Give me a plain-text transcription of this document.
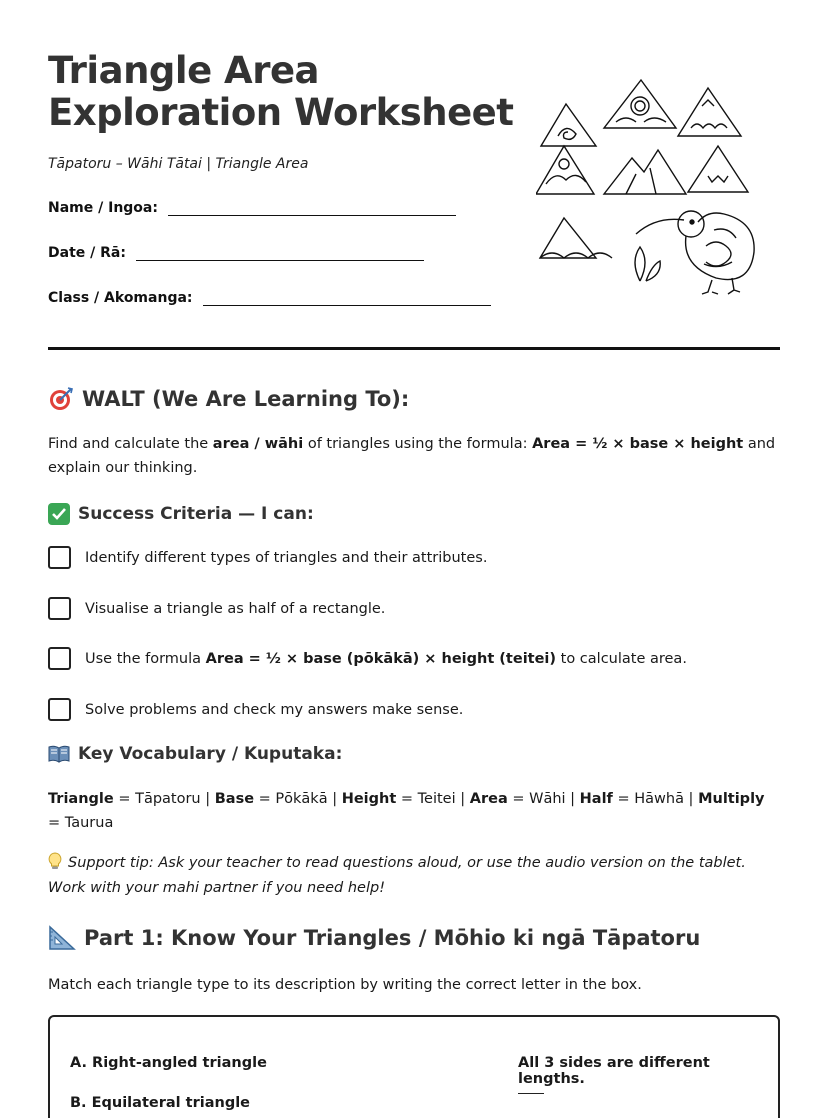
Triangle Area
Exploration Worksheet
Tāpatoru – Wāhi Tātai | Triangle Area
Name / Ingoa:
Date / Rā:
Class / Akomanga:
WALT (We Are Learning To):
Find and calculate the area / wāhi of triangles using the formula: Area = ½ × base × height and explain our thinking.
Success Criteria — I can:
Identify different types of triangles and their attributes.
Visualise a triangle as half of a rectangle.
Use the formula Area = ½ × base (pōkākā) × height (teitei) to calculate area.
Solve problems and check my answers make sense.
Key Vocabulary / Kuputaka:
Triangle = Tāpatoru | Base = Pōkākā | Height = Teitei | Area = Wāhi | Half = Hāwhā | Multiply = Taurua
Support tip: Ask your teacher to read questions aloud, or use the audio version on the tablet. Work with your mahi partner if you need help!
Part 1: Know Your Triangles / Mōhio ki ngā Tāpatoru
Match each triangle type to its description by writing the correct letter in the box.
A. Right-angled triangle
B. Equilateral triangle
All 3 sides are different lengths.
